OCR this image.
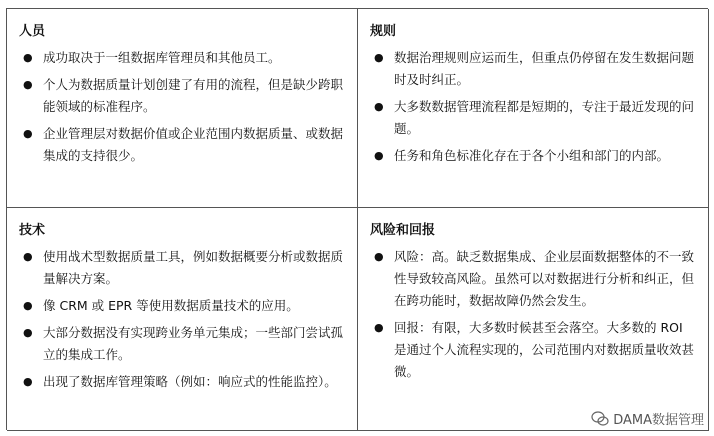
人员
● 成功取决于一组数据库管理员和其他员工。
● 个人为数据质量计划创建了有用的流程，但是缺少跨职能领域的标准程序。
● 企业管理层对数据价值或企业范围内数据质量、或数据集成的支持很少。
规则
● 数据治理规则应运而生，但重点仍停留在发生数据问题时及时纠正。
● 大多数数据管理流程都是短期的，专注于最近发现的问题。
● 任务和角色标准化存在于各个小组和部门的内部。
技术
● 使用战术型数据质量工具，例如数据概要分析或数据质量解决方案。
● 像 CRM 或 EPR 等使用数据质量技术的应用。
● 大部分数据没有实现跨业务单元集成；一些部门尝试孤立的集成工作。
● 出现了数据库管理策略（例如：响应式的性能监控）。
风险和回报
● 风险：高。缺乏数据集成、企业层面数据整体的不一致性导致较高风险。虽然可以对数据进行分析和纠正，但在跨功能时，数据故障仍然会发生。
● 回报：有限，大多数时候甚至会落空。大多数的 ROI 是通过个人流程实现的，公司范围内对数据质量收效甚微。
DAMA数据管理
